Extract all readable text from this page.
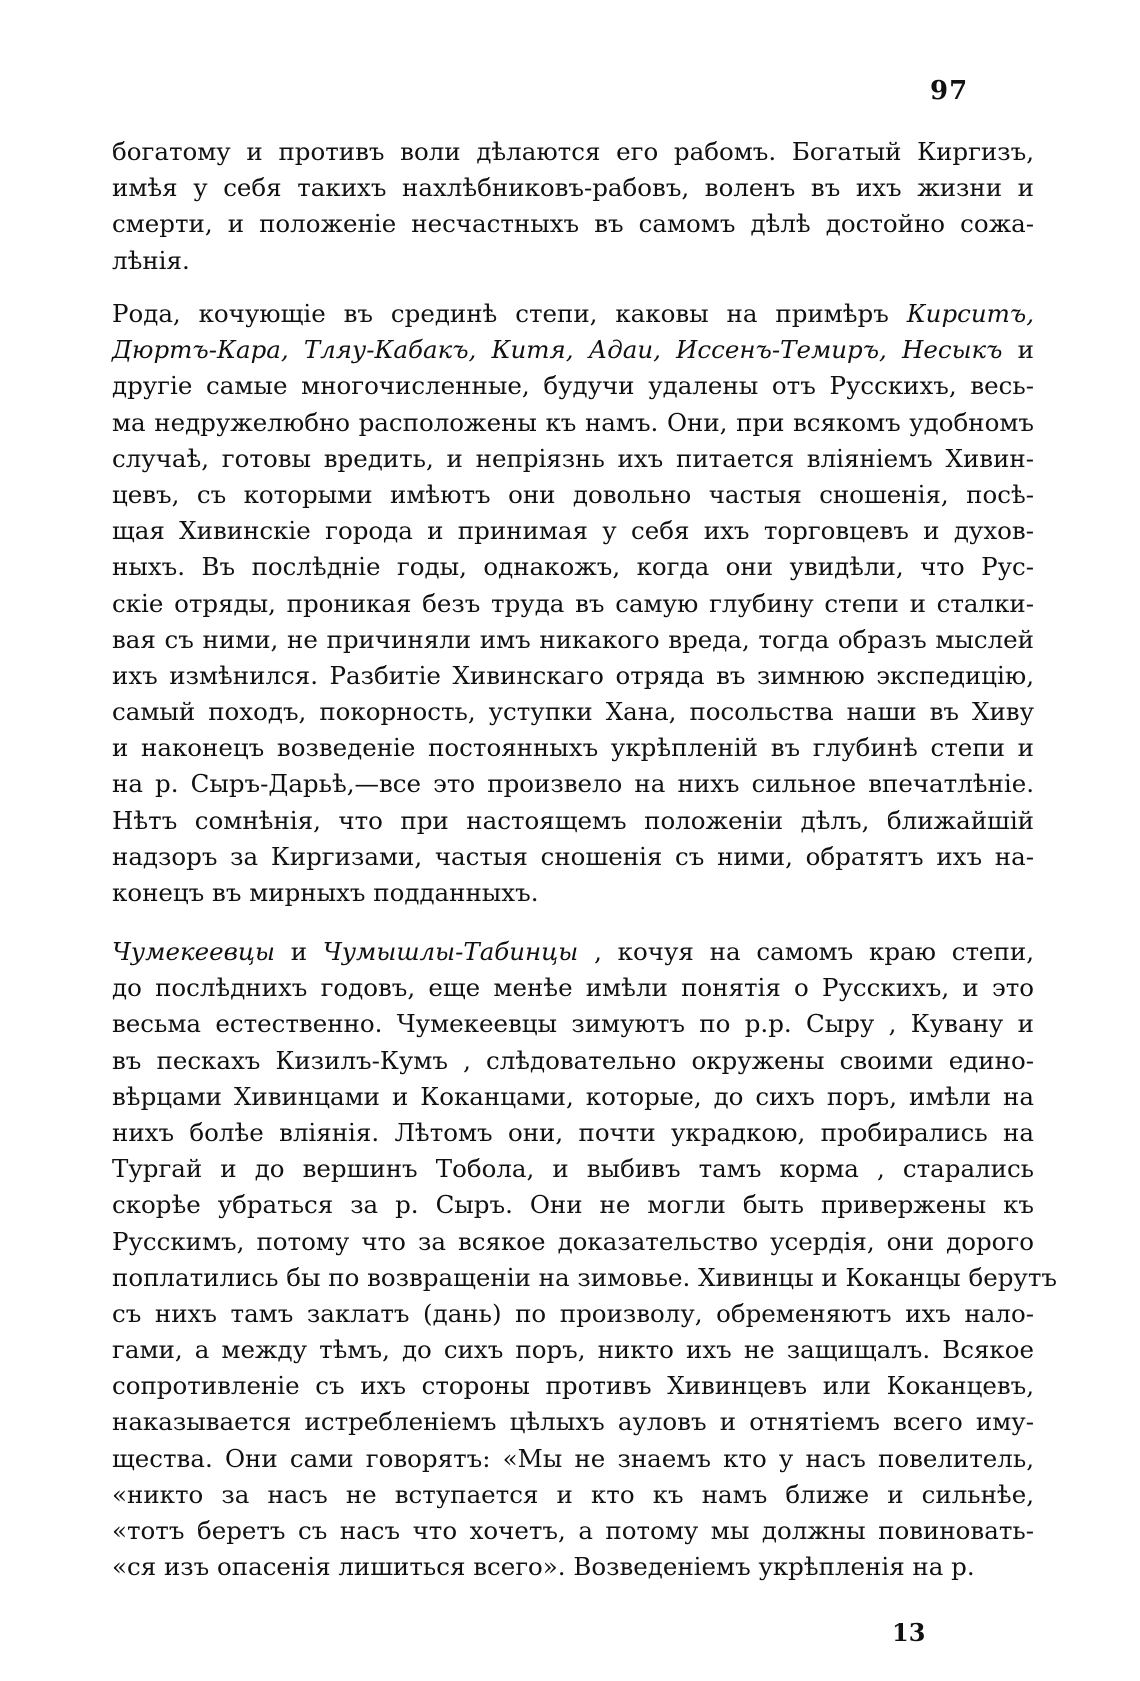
97
богатому и противъ воли дѣлаются его рабомъ. Богатый Киргизъ,
имѣя у себя такихъ нахлѣбниковъ-рабовъ, воленъ въ ихъ жизни и
смерти, и положеніе несчастныхъ въ самомъ дѣлѣ достойно сожа-
лѣнія.
Рода, кочующіе въ срединѣ степи, каковы на примѣръ Кирситъ,
Дюртъ-Кара, Тляу-Кабакъ, Китя, Адаи, Иссенъ-Темиръ, Несыкъ и
другіе самые многочисленные, будучи удалены отъ Русскихъ, весь-
ма недружелюбно расположены къ намъ. Они, при всякомъ удобномъ
случаѣ, готовы вредить, и непріязнь ихъ питается вліяніемъ Хивин-
цевъ, съ которыми имѣютъ они довольно частыя сношенія, посѣ-
щая Хивинскіе города и принимая у себя ихъ торговцевъ и духов-
ныхъ. Въ послѣдніе годы, однакожъ, когда они увидѣли, что Рус-
скіе отряды, проникая безъ труда въ самую глубину степи и сталки-
вая съ ними, не причиняли имъ никакого вреда, тогда образъ мыслей
ихъ измѣнился. Разбитіе Хивинскаго отряда въ зимнюю экспедицію,
самый походъ, покорность, уступки Хана, посольства наши въ Хиву
и наконецъ возведеніе постоянныхъ укрѣпленій въ глубинѣ степи и
на р. Сыръ-Дарьѣ,—все это произвело на нихъ сильное впечатлѣніе.
Нѣтъ сомнѣнія, что при настоящемъ положеніи дѣлъ, ближайшій
надзоръ за Киргизами, частыя сношенія съ ними, обратятъ ихъ на-
конецъ въ мирныхъ подданныхъ.
Чумекеевцы и Чумышлы-Табинцы , кочуя на самомъ краю степи,
до послѣднихъ годовъ, еще менѣе имѣли понятія о Русскихъ, и это
весьма естественно. Чумекеевцы зимуютъ по р.р. Сыру , Кувану и
въ пескахъ Кизилъ-Кумъ , слѣдовательно окружены своими едино-
вѣрцами Хивинцами и Коканцами, которые, до сихъ поръ, имѣли на
нихъ болѣе вліянія. Лѣтомъ они, почти украдкою, пробирались на
Тургай и до вершинъ Тобола, и выбивъ тамъ корма , старались
скорѣе убраться за р. Сыръ. Они не могли быть привержены къ
Русскимъ, потому что за всякое доказательство усердія, они дорого
поплатились бы по возвращеніи на зимовье. Хивинцы и Коканцы берутъ
съ нихъ тамъ заклатъ (дань) по произволу, обременяютъ ихъ нало-
гами, а между тѣмъ, до сихъ поръ, никто ихъ не защищалъ. Всякое
сопротивленіе съ ихъ стороны противъ Хивинцевъ или Коканцевъ,
наказывается истребленіемъ цѣлыхъ ауловъ и отнятіемъ всего иму-
щества. Они сами говорятъ: «Мы не знаемъ кто у насъ повелитель,
«никто за насъ не вступается и кто къ намъ ближе и сильнѣе,
«тотъ беретъ съ насъ что хочетъ, а потому мы должны повиновать-
«ся изъ опасенія лишиться всего». Возведеніемъ укрѣпленія на р.
13
